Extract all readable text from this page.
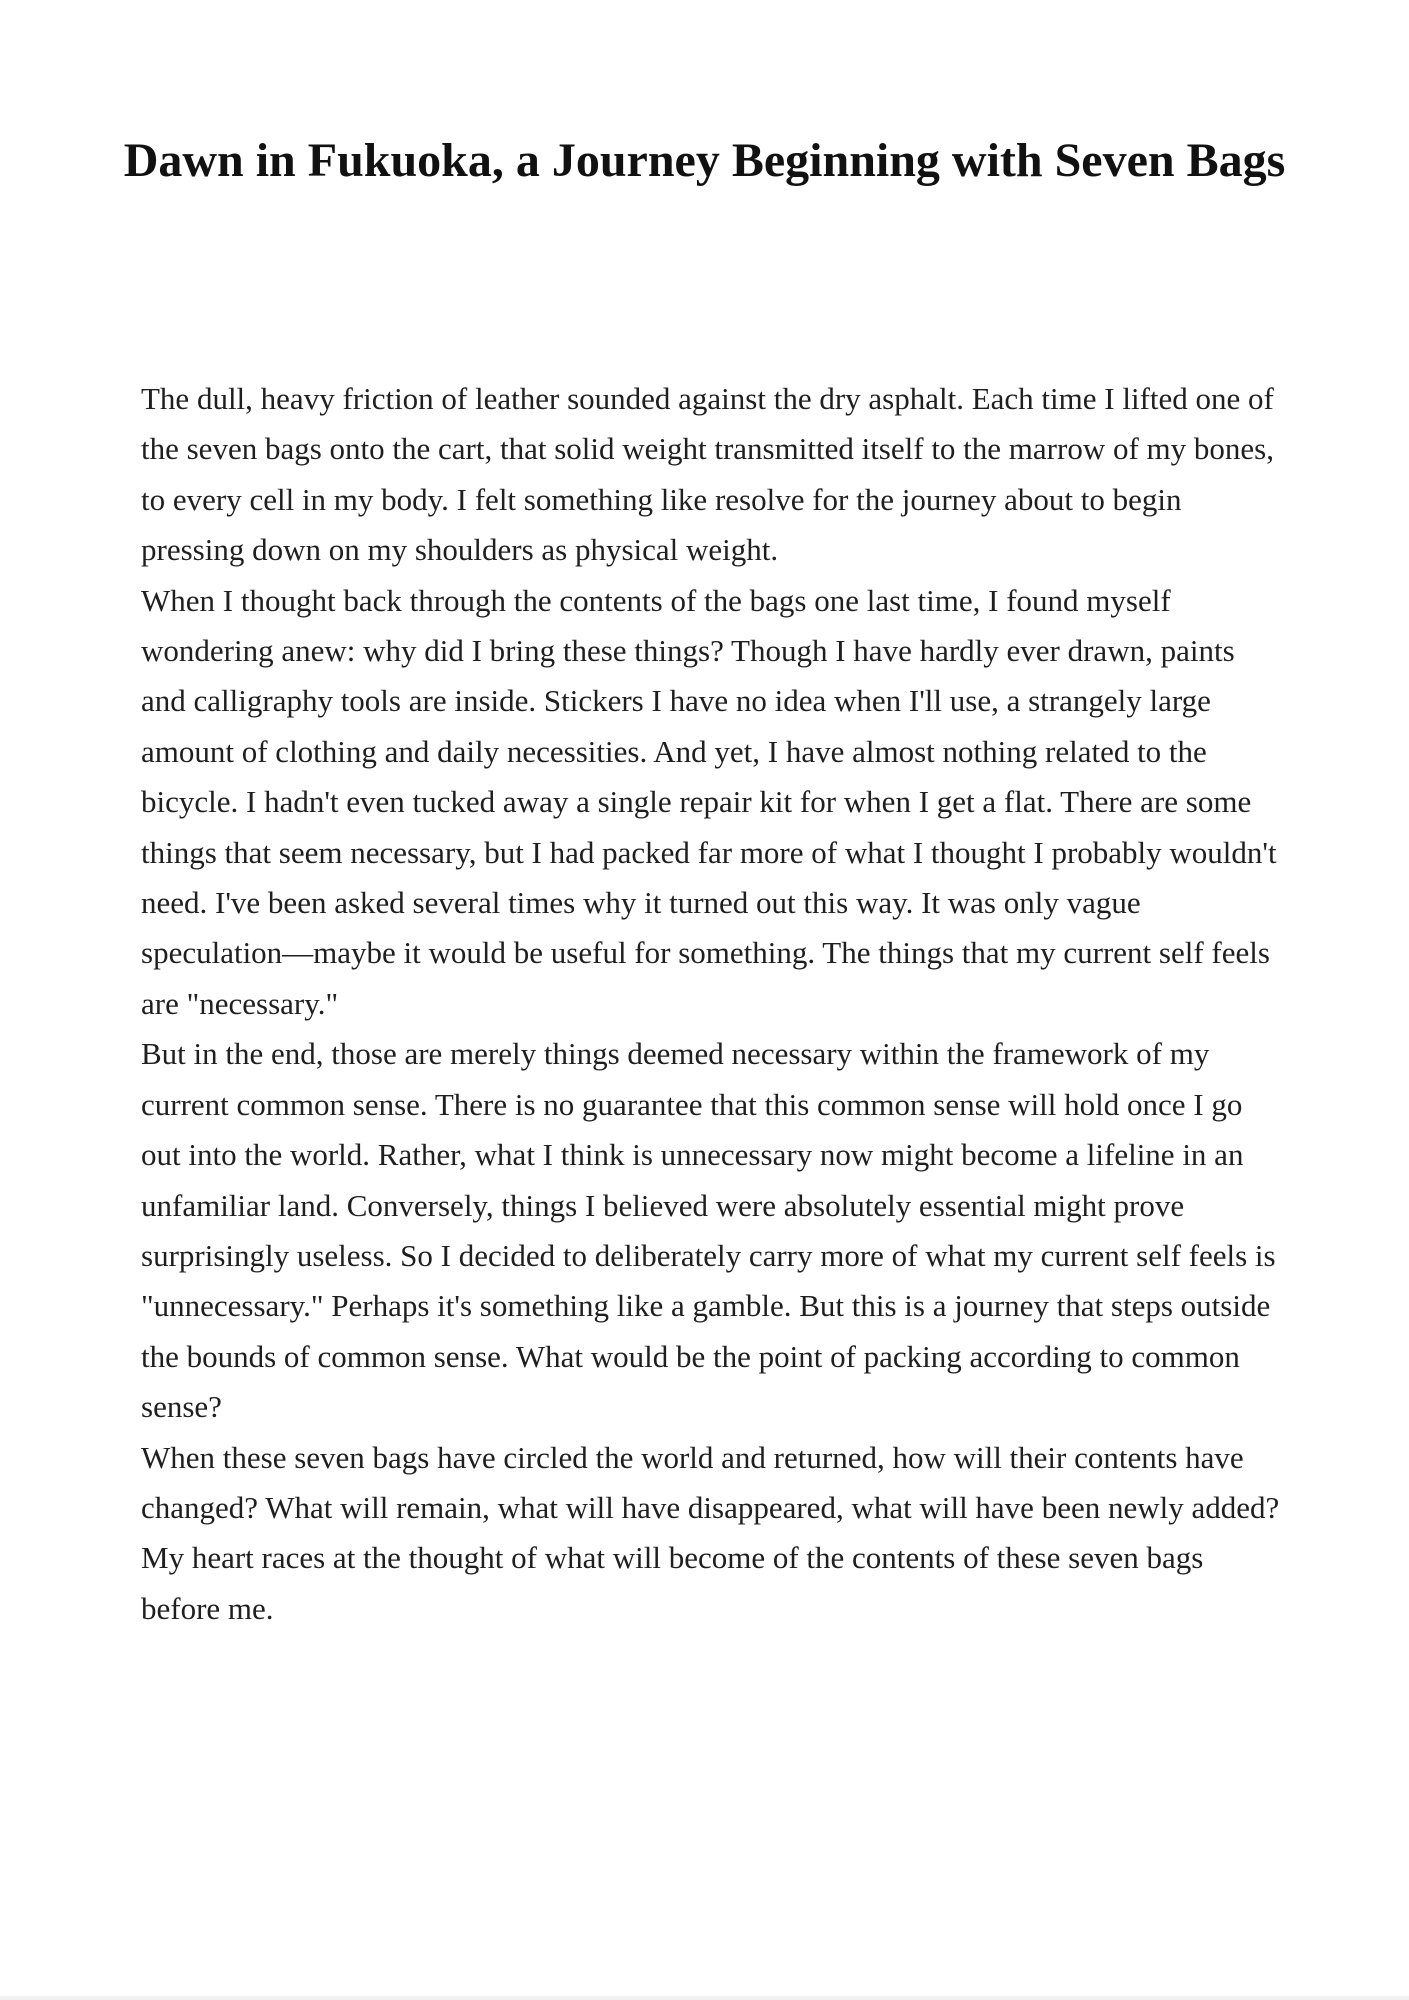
Dawn in Fukuoka, a Journey Beginning with Seven Bags

The dull, heavy friction of leather sounded against the dry asphalt. Each time I lifted one of the seven bags onto the cart, that solid weight transmitted itself to the marrow of my bones, to every cell in my body. I felt something like resolve for the journey about to begin pressing down on my shoulders as physical weight.

When I thought back through the contents of the bags one last time, I found myself wondering anew: why did I bring these things? Though I have hardly ever drawn, paints and calligraphy tools are inside. Stickers I have no idea when I'll use, a strangely large amount of clothing and daily necessities. And yet, I have almost nothing related to the bicycle. I hadn't even tucked away a single repair kit for when I get a flat. There are some things that seem necessary, but I had packed far more of what I thought I probably wouldn't need. I've been asked several times why it turned out this way. It was only vague speculation—maybe it would be useful for something. The things that my current self feels are "necessary."

But in the end, those are merely things deemed necessary within the framework of my current common sense. There is no guarantee that this common sense will hold once I go out into the world. Rather, what I think is unnecessary now might become a lifeline in an unfamiliar land. Conversely, things I believed were absolutely essential might prove surprisingly useless. So I decided to deliberately carry more of what my current self feels is "unnecessary." Perhaps it's something like a gamble. But this is a journey that steps outside the bounds of common sense. What would be the point of packing according to common sense?

When these seven bags have circled the world and returned, how will their contents have changed? What will remain, what will have disappeared, what will have been newly added?

My heart races at the thought of what will become of the contents of these seven bags before me.
